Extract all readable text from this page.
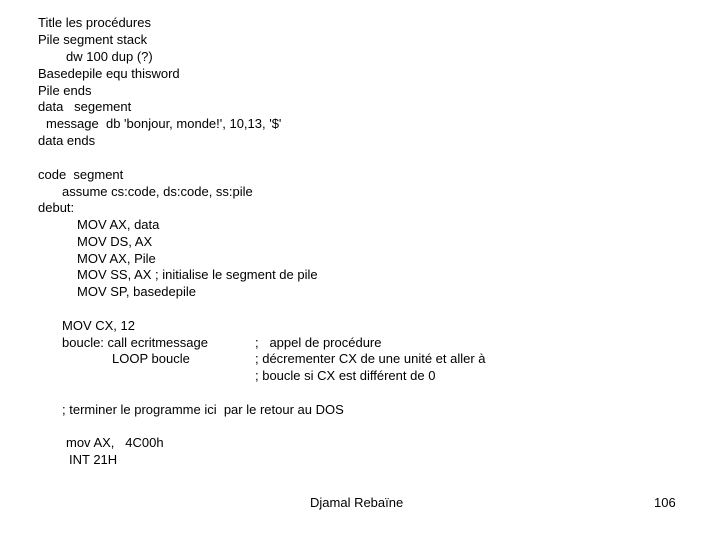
Title les procédures
Pile segment stack
dw 100 dup (?)
Basedepile equ thisword
Pile ends
data   segement
message  db 'bonjour, monde!', 10,13, '$'
data ends
code  segment
assume cs:code, ds:code, ss:pile
debut:
MOV AX, data
MOV DS, AX
MOV AX, Pile
MOV SS, AX ; initialise le segment de pile
MOV SP, basedepile
MOV CX, 12
boucle: call ecritmessage
LOOP boucle
;   appel de procédure
; décrementer CX de une unité et aller à
; boucle si CX est différent de 0
; terminer le programme ici  par le retour au DOS
mov AX,   4C00h
INT 21H
Djamal Rebaïne	106
